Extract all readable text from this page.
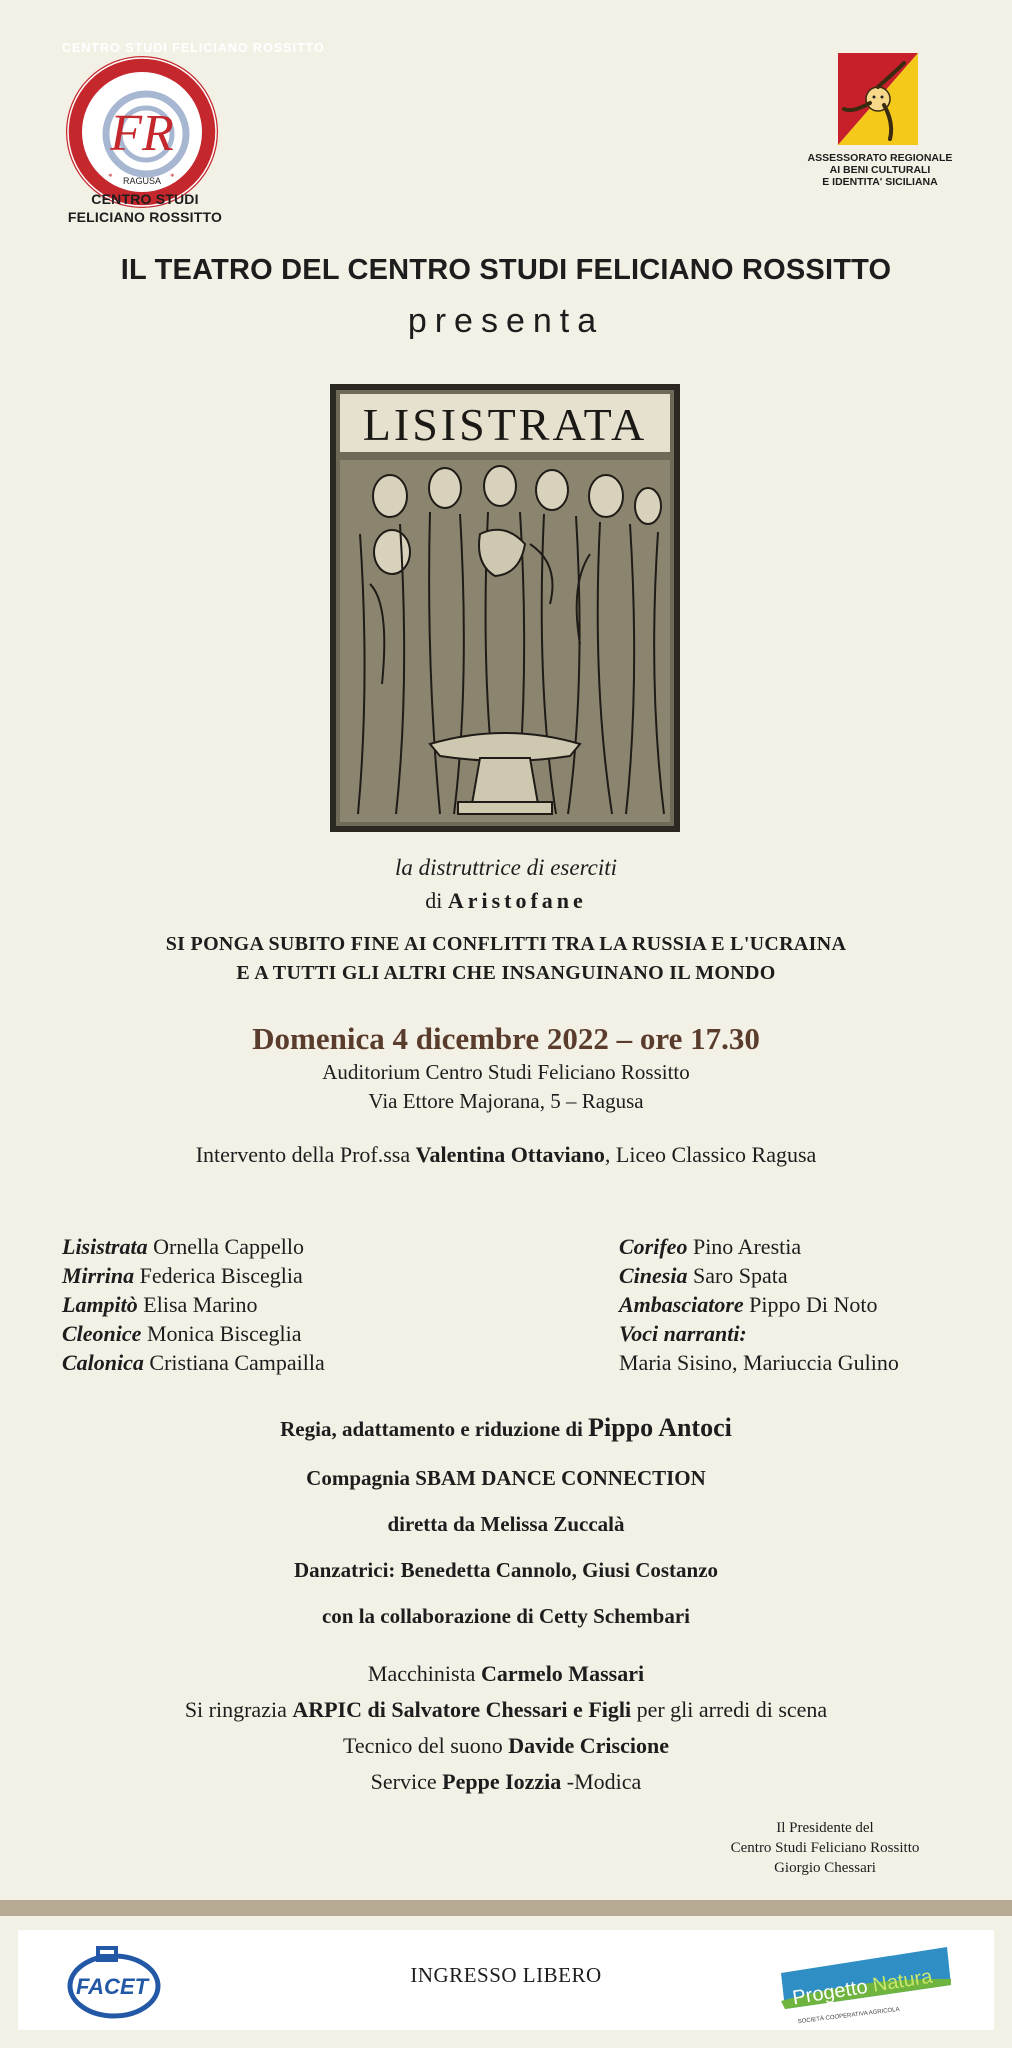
CENTRO STUDI FELICIANO ROSSITTO
FR
RAGUSA
*	*
CENTRO STUDI
FELICIANO ROSSITTO
ASSESSORATO REGIONALE
AI BENI CULTURALI
E IDENTITA' SICILIANA
IL TEATRO DEL CENTRO STUDI FELICIANO ROSSITTO
presenta
LISISTRATA
la distruttrice di eserciti
di Aristofane
SI PONGA SUBITO FINE AI CONFLITTI TRA LA RUSSIA E L'UCRAINA
E A TUTTI GLI ALTRI CHE INSANGUINANO IL MONDO
Domenica 4 dicembre 2022 – ore 17.30
Auditorium Centro Studi Feliciano Rossitto
Via Ettore Majorana, 5 – Ragusa
Intervento della Prof.ssa Valentina Ottaviano, Liceo Classico Ragusa
Lisistrata Ornella Cappello
Mirrina Federica Bisceglia
Lampitò Elisa Marino
Cleonice Monica Bisceglia
Calonica Cristiana Campailla
Corifeo Pino Arestia
Cinesia Saro Spata
Ambasciatore Pippo Di Noto
Voci narranti:
Maria Sisino, Mariuccia Gulino
Regia, adattamento e riduzione di Pippo Antoci
Compagnia SBAM DANCE CONNECTION
diretta da Melissa Zuccalà
Danzatrici: Benedetta Cannolo, Giusi Costanzo
con la collaborazione di Cetty Schembari
Macchinista Carmelo Massari
Si ringrazia ARPIC di Salvatore Chessari e Figli per gli arredi di scena
Tecnico del suono Davide Criscione
Service Peppe Iozzia -Modica
Il Presidente del
Centro Studi Feliciano Rossitto
Giorgio Chessari
FACET	INGRESSO LIBERO
Progetto Natura
SOCIETÀ COOPERATIVA AGRICOLA
